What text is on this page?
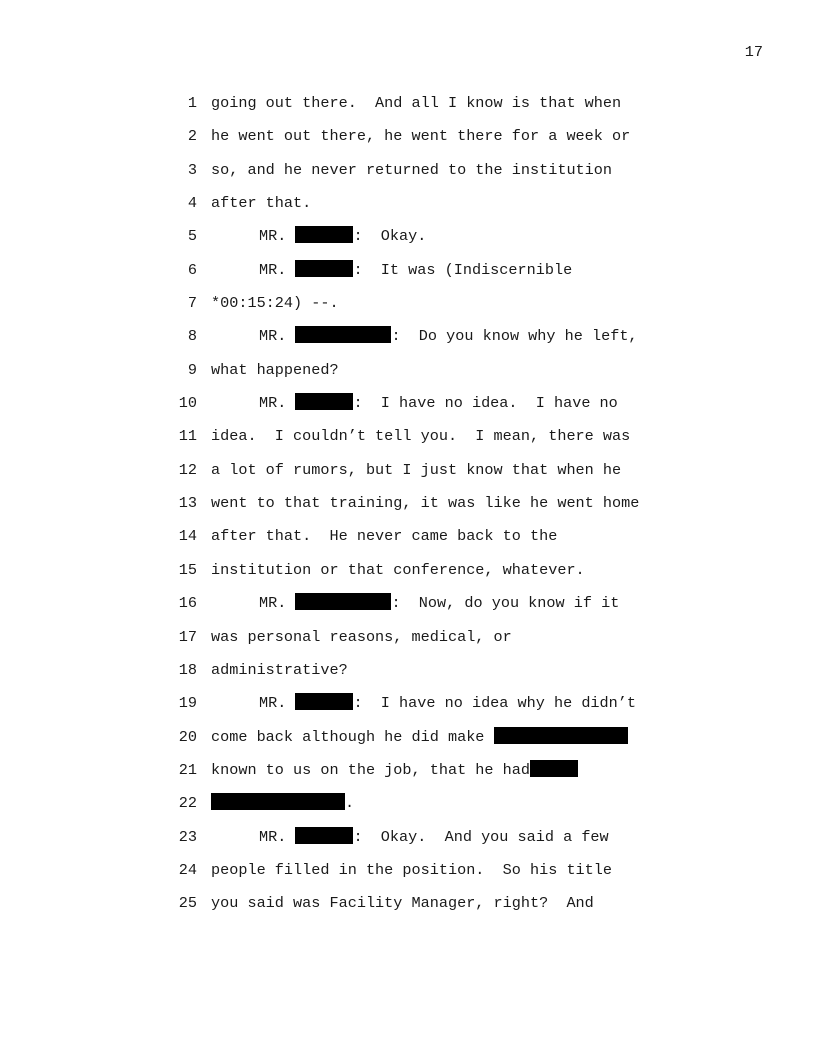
17

1

going out there.  And all I know is that when

2

he went out there, he went there for a week or

3

so, and he never returned to the institution

4

after that.

5

	MR.	:  Okay.

6

	MR.	:  It was (Indiscernible

7

*00:15:24) --.

8

	MR.	:  Do you know why he left,

9

what happened?

10

	MR.	:  I have no idea.  I have no

11

idea.  I couldn’t tell you.  I mean, there was

12

a lot of rumors, but I just know that when he

13

went to that training, it was like he went home

14

after that.  He never came back to the

15

institution or that conference, whatever.

16

	MR.	:  Now, do you know if it

17

was personal reasons, medical, or

18

administrative?

19

	MR.	:  I have no idea why he didn’t

20

come back although he did make

21

known to us on the job, that he had

22

	.

23

	MR.	:  Okay.  And you said a few

24

people filled in the position.  So his title

25

you said was Facility Manager, right?  And
